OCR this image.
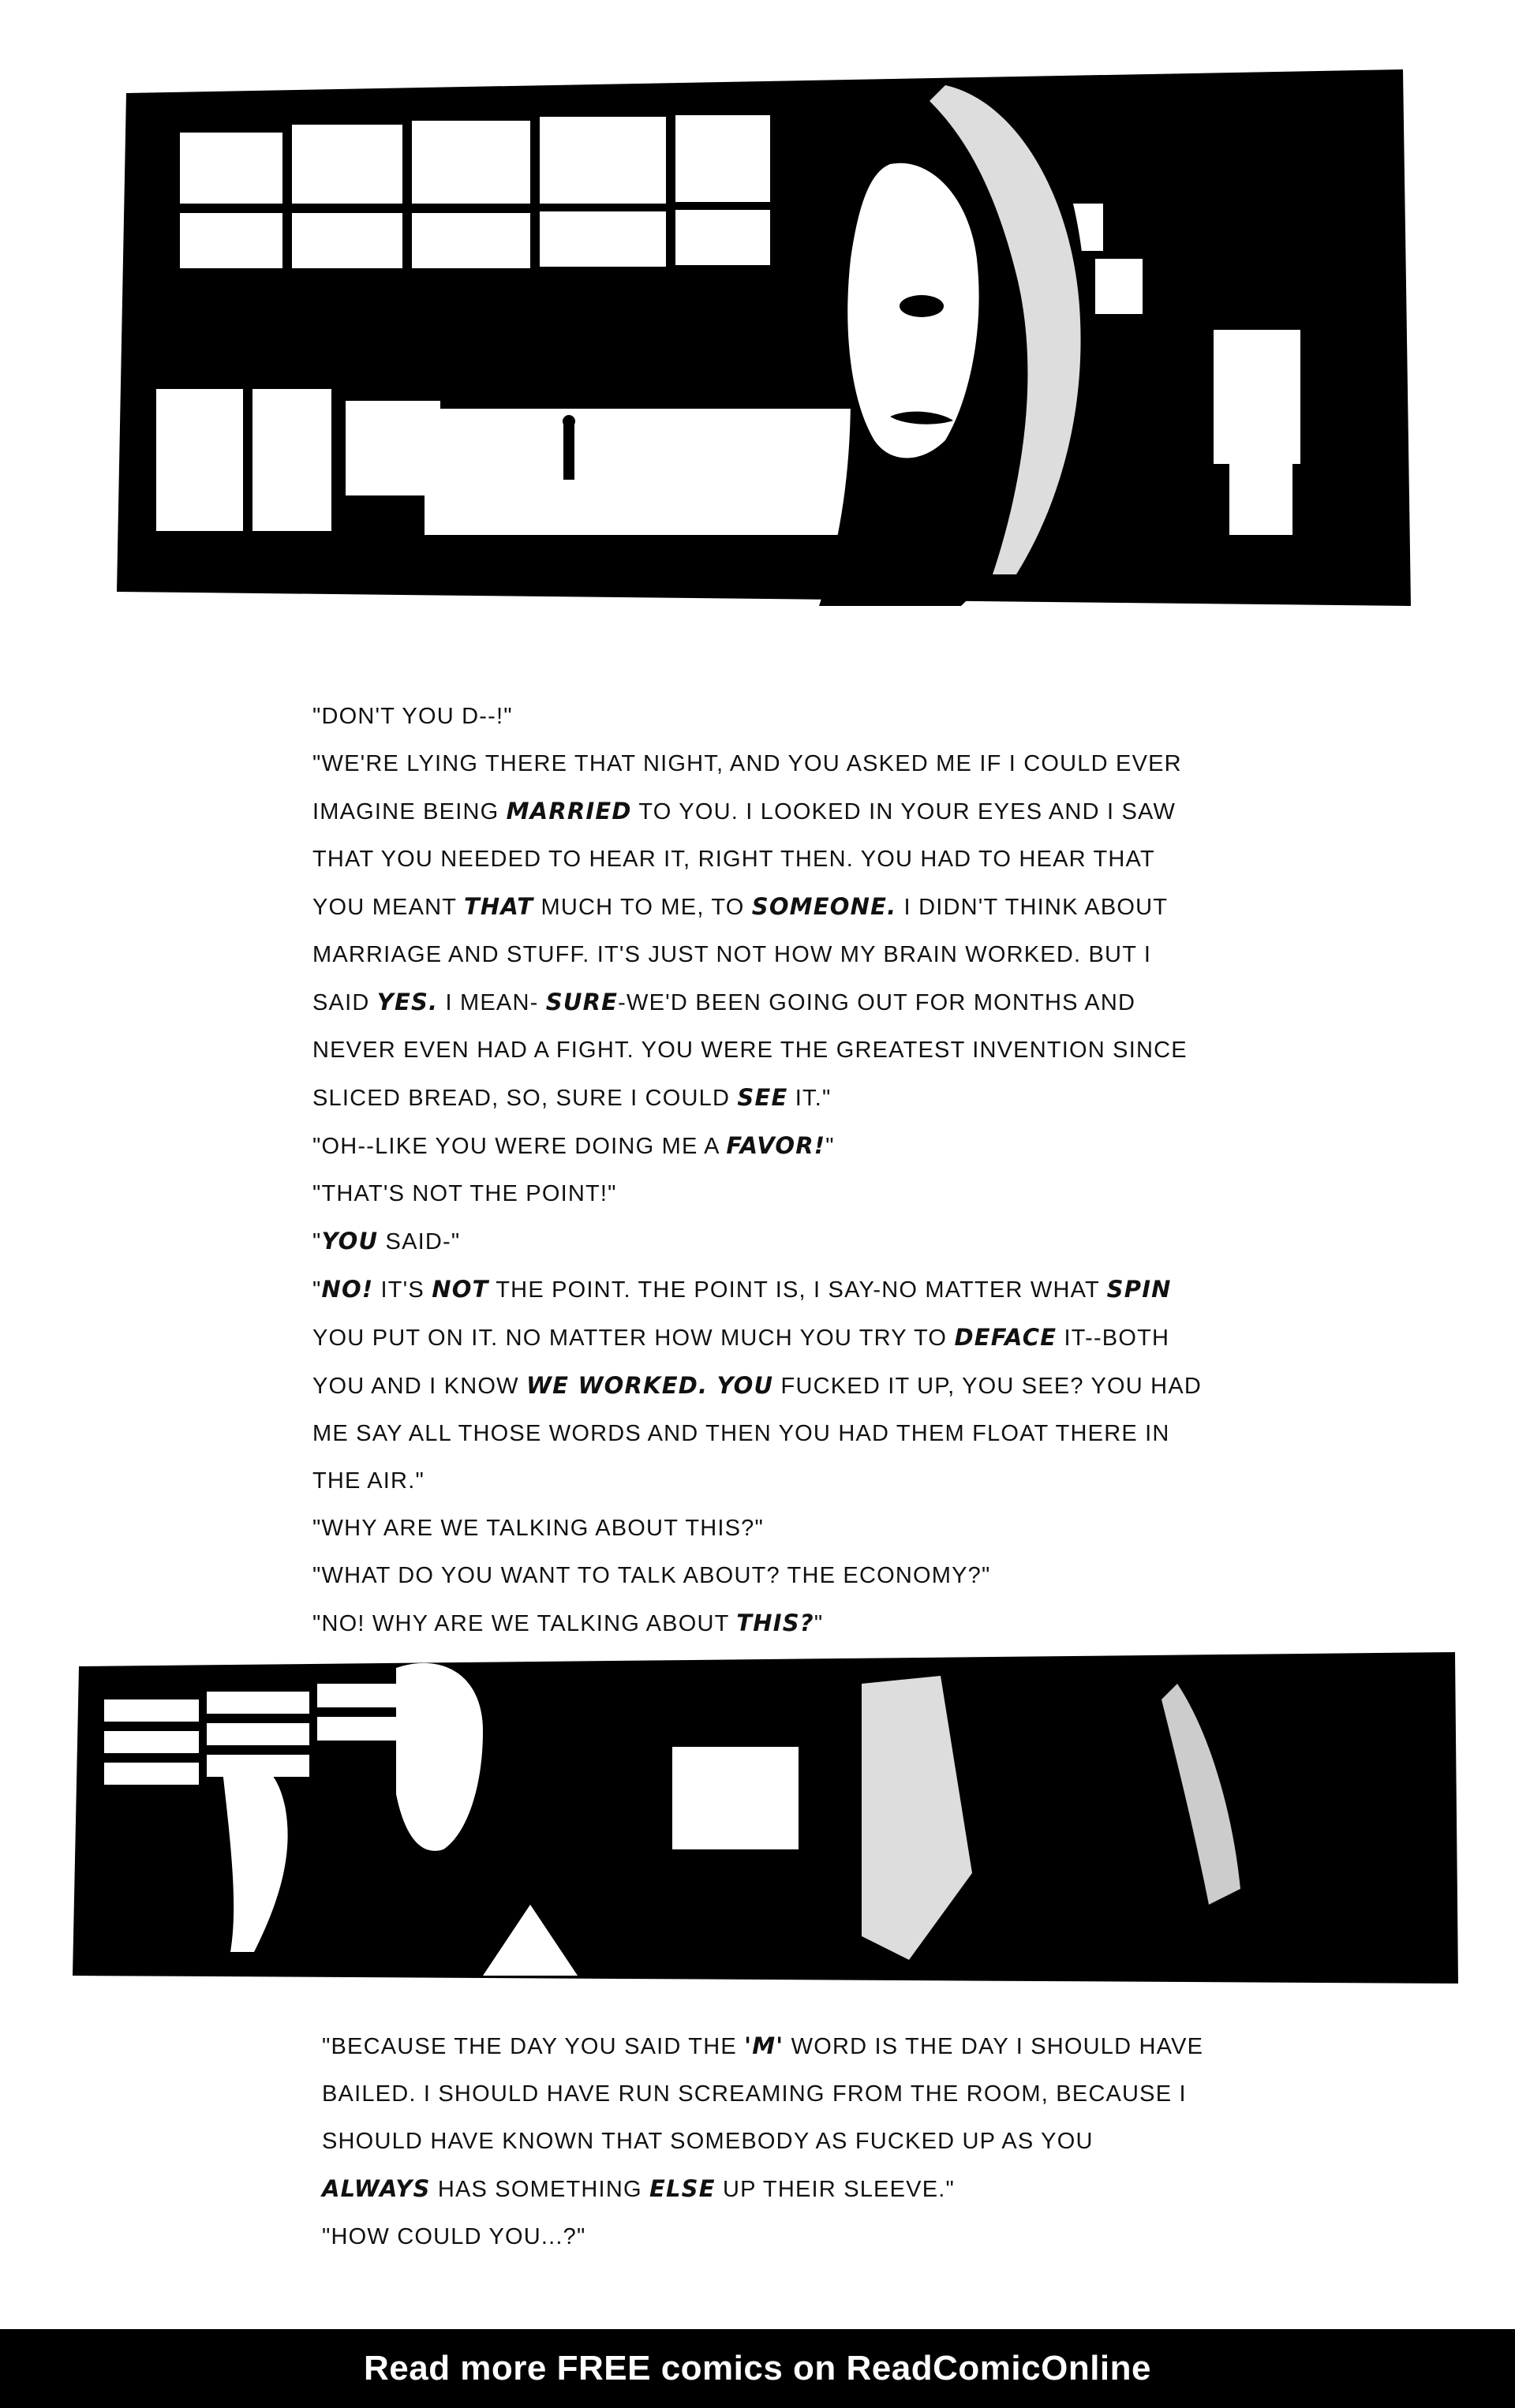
"DON'T YOU D--!"

"WE'RE LYING THERE THAT NIGHT, AND YOU ASKED ME IF I COULD EVER

IMAGINE BEING MARRIED TO YOU. I LOOKED IN YOUR EYES AND I SAW

THAT YOU NEEDED TO HEAR IT, RIGHT THEN. YOU HAD TO HEAR THAT

YOU MEANT THAT MUCH TO ME, TO SOMEONE. I DIDN'T THINK ABOUT

MARRIAGE AND STUFF. IT'S JUST NOT HOW MY BRAIN WORKED. BUT I

SAID YES. I MEAN- SURE-WE'D BEEN GOING OUT FOR MONTHS AND

NEVER EVEN HAD A FIGHT. YOU WERE THE GREATEST INVENTION SINCE

SLICED BREAD, SO, SURE I COULD SEE IT."

"OH--LIKE YOU WERE DOING ME A FAVOR!"

"THAT'S NOT THE POINT!"

"YOU SAID-"

"NO! IT'S NOT THE POINT. THE POINT IS, I SAY-NO MATTER WHAT SPIN

YOU PUT ON IT. NO MATTER HOW MUCH YOU TRY TO DEFACE IT--BOTH

YOU AND I KNOW WE WORKED. YOU FUCKED IT UP, YOU SEE? YOU HAD

ME SAY ALL THOSE WORDS AND THEN YOU HAD THEM FLOAT THERE IN

THE AIR."

"WHY ARE WE TALKING ABOUT THIS?"

"WHAT DO YOU WANT TO TALK ABOUT? THE ECONOMY?"

"NO! WHY ARE WE TALKING ABOUT THIS?"

"BECAUSE THE DAY YOU SAID THE 'M' WORD IS THE DAY I SHOULD HAVE

BAILED. I SHOULD HAVE RUN SCREAMING FROM THE ROOM, BECAUSE I

SHOULD HAVE KNOWN THAT SOMEBODY AS FUCKED UP AS YOU

ALWAYS HAS SOMETHING ELSE UP THEIR SLEEVE."

"HOW COULD YOU...?"

Read more FREE comics on ReadComicOnline
